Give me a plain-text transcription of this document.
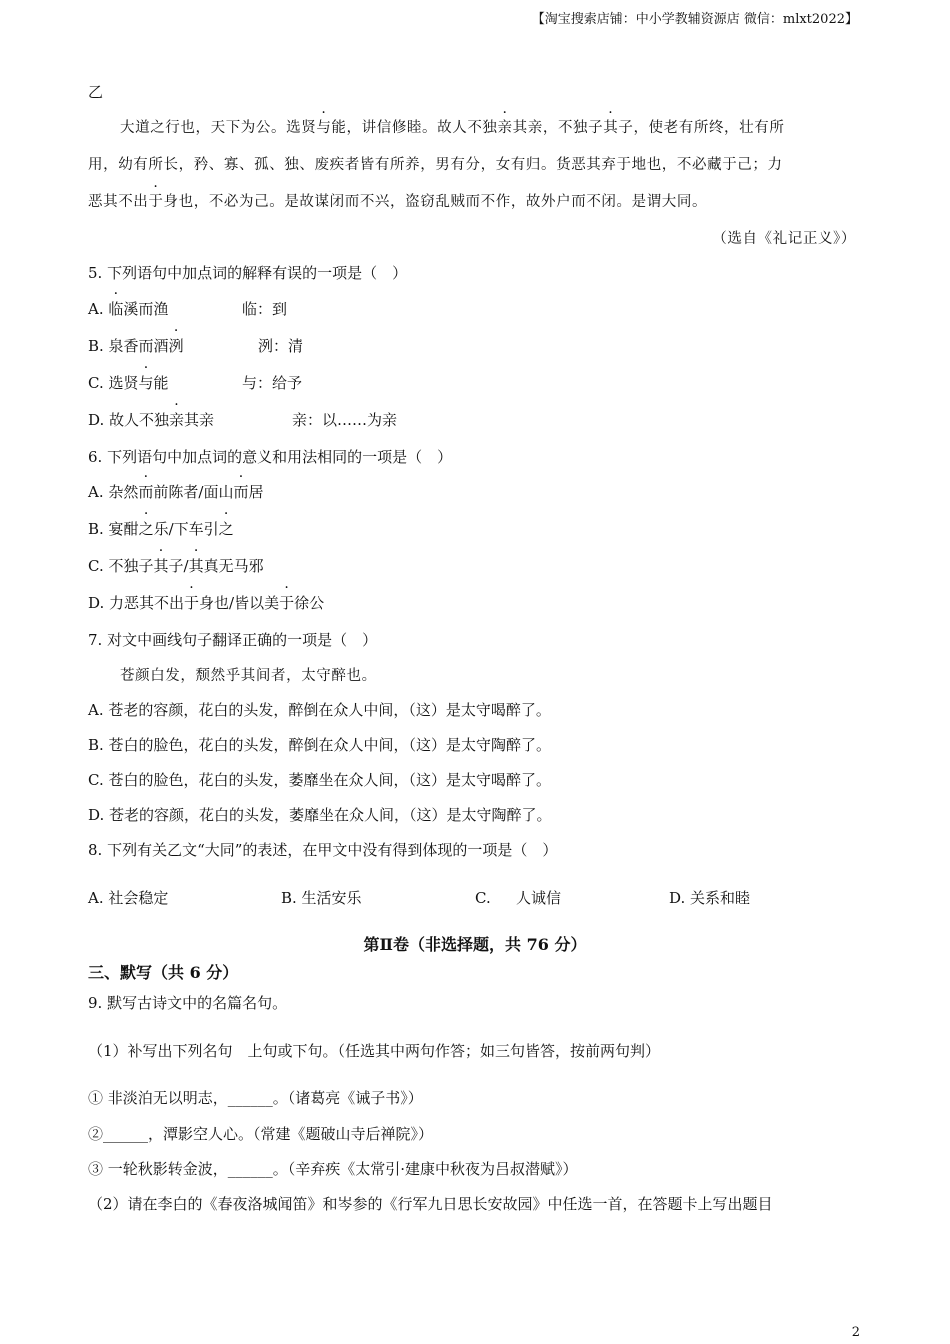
【淘宝搜索店铺：中小学教辅资源店 微信：mlxt2022】
乙
大道之行也，天下为公。选贤与能，讲信修睦。故人不独亲其亲，不独子其子，使老有所终，壮有所
用，幼有所长，矜、寡、孤、独、废疾者皆有所养，男有分，女有归。货恶其弃于地也，不必藏于己；力
恶其不出于身也，不必为己。是故谋闭而不兴，盗窃乱贼而不作，故外户而不闭。是谓大同。
（选自《礼记正义》）
5. 下列语句中加点词的解释有误的一项是（　）
A. 临溪而渔	临：到
B. 泉香而酒洌	洌：清
C. 选贤与能	与：给予
D. 故人不独亲其亲	亲：以……为亲
6. 下列语句中加点词的意义和用法相同的一项是（　）
A. 杂然而前陈者/面山而居
B. 宴酣之乐/下车引之
C. 不独子其子/其真无马邪
D. 力恶其不出于身也/皆以美于徐公
7. 对文中画线句子翻译正确的一项是（　）
苍颜白发，颓然乎其间者，太守醉也。
A. 苍老的容颜，花白的头发，醉倒在众人中间，（这）是太守喝醉了。
B. 苍白的脸色，花白的头发，醉倒在众人中间，（这）是太守陶醉了。
C. 苍白的脸色，花白的头发，萎靡坐在众人间，（这）是太守喝醉了。
D. 苍老的容颜，花白的头发，萎靡坐在众人间，（这）是太守陶醉了。
8. 下列有关乙文“大同”的表述，在甲文中没有得到体现的一项是（　）
A. 社会稳定	B. 生活安乐	C. 人诚信	D. 关系和睦
第Ⅱ卷（非选择题，共 76 分）
三、默写（共 6 分）
9. 默写古诗文中的名篇名句。
（1）补写出下列名句　上句或下句。（任选其中两句作答；如三句皆答，按前两句判）
① 非淡泊无以明志，______。（诸葛亮《诫子书》）
②______，潭影空人心。（常建《题破山寺后禅院》）
③ 一轮秋影转金波，______。（辛弃疾《太常引·建康中秋夜为吕叔潜赋》）
（2）请在李白的《春夜洛城闻笛》和岑参的《行军九日思长安故园》中任选一首，在答题卡上写出题目
2
